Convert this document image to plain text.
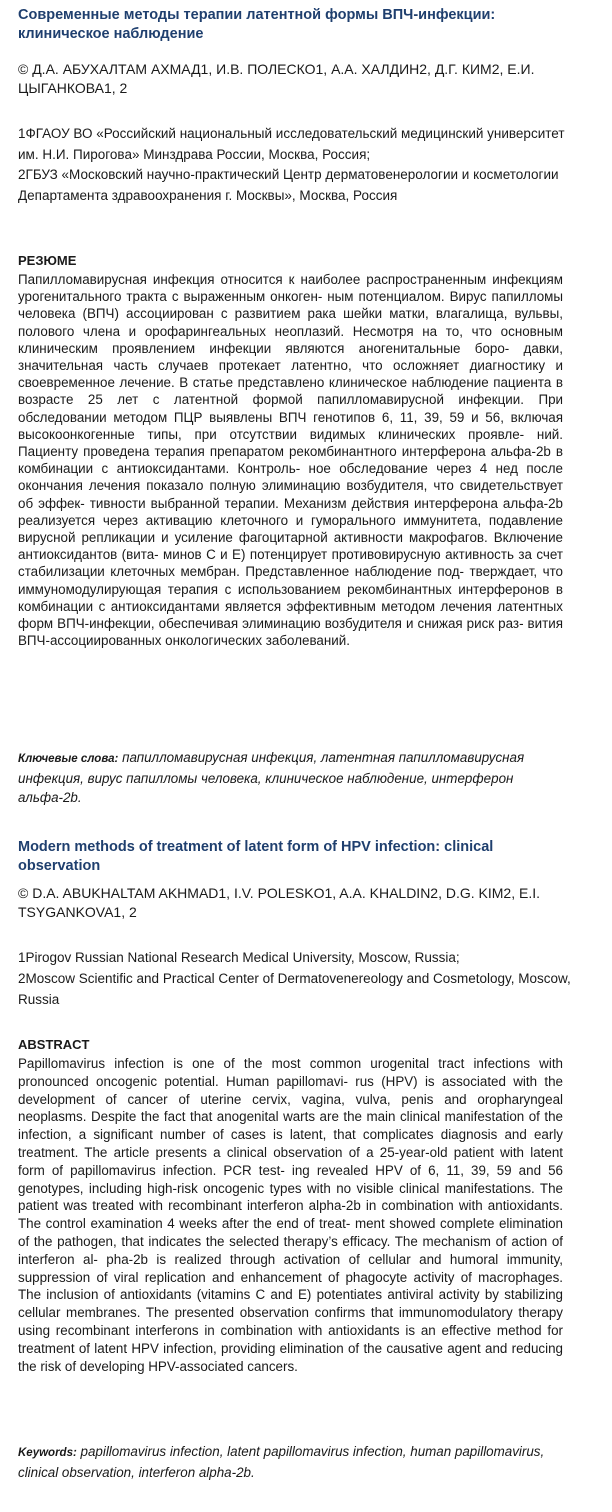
Современные методы терапии латентной формы ВПЧ-инфекции: клиническое наблюдение
© Д.А. АБУХАЛТАМ АХМАД1, И.В. ПОЛЕСКО1, А.А. ХАЛДИН2, Д.Г. КИМ2, Е.И. ЦЫГАНКОВА1, 2
1ФГАОУ ВО «Российский национальный исследовательский медицинский университет им. Н.И. Пирогова» Минздрава России, Москва, Россия;
2ГБУЗ «Московский научно-практический Центр дерматовенерологии и косметологии Департамента здравоохранения г. Москвы», Москва, Россия
РЕЗЮМЕ

Папилломавирусная инфекция относится к наиболее распространенным инфекциям урогенитального тракта с выраженным онкоген- ным потенциалом. Вирус папилломы человека (ВПЧ) ассоциирован с развитием рака шейки матки, влагалища, вульвы, полового члена и орофарингеальных неоплазий. Несмотря на то, что основным клиническим проявлением инфекции являются аногенитальные боро- давки, значительная часть случаев протекает латентно, что осложняет диагностику и своевременное лечение. В статье представлено клиническое наблюдение пациента в возрасте 25 лет с латентной формой папилломавирусной инфекции. При обследовании методом ПЦР выявлены ВПЧ генотипов 6, 11, 39, 59 и 56, включая высокоонкогенные типы, при отсутствии видимых клинических проявле- ний. Пациенту проведена терапия препаратом рекомбинантного интерферона альфа-2b в комбинации с антиоксидантами. Контроль- ное обследование через 4 нед после окончания лечения показало полную элиминацию возбудителя, что свидетельствует об эффек- тивности выбранной терапии. Механизм действия интерферона альфа-2b реализуется через активацию клеточного и гуморального иммунитета, подавление вирусной репликации и усиление фагоцитарной активности макрофагов. Включение антиоксидантов (вита- минов С и Е) потенцирует противовирусную активность за счет стабилизации клеточных мембран. Представленное наблюдение под- тверждает, что иммуномодулирующая терапия с использованием рекомбинантных интерферонов в комбинации с антиоксидантами является эффективным методом лечения латентных форм ВПЧ-инфекции, обеспечивая элиминацию возбудителя и снижая риск раз- вития ВПЧ-ассоциированных онкологических заболеваний.

Ключевые слова: папилломавирусная инфекция, латентная папилломавирусная инфекция, вирус папилломы человека, клиническое наблюдение, интерферон альфа-2b.
Modern methods of treatment of latent form of HPV infection: clinical observation
© D.A. ABUKHALTAM AKHMAD1, I.V. POLESKO1, A.A. KHALDIN2, D.G. KIM2, E.I. TSYGANKOVA1, 2
1Pirogov Russian National Research Medical University, Moscow, Russia;
2Moscow Scientific and Practical Center of Dermatovenereology and Cosmetology, Moscow, Russia
ABSTRACT

Papillomavirus infection is one of the most common urogenital tract infections with pronounced oncogenic potential. Human papillomavi- rus (HPV) is associated with the development of cancer of uterine cervix, vagina, vulva, penis and oropharyngeal neoplasms. Despite the fact that anogenital warts are the main clinical manifestation of the infection, a significant number of cases is latent, that complicates diagnosis and early treatment. The article presents a clinical observation of a 25-year-old patient with latent form of papillomavirus infection. PCR test- ing revealed HPV of 6, 11, 39, 59 and 56 genotypes, including high-risk oncogenic types with no visible clinical manifestations. The patient was treated with recombinant interferon alpha-2b in combination with antioxidants. The control examination 4 weeks after the end of treat- ment showed complete elimination of the pathogen, that indicates the selected therapy’s efficacy. The mechanism of action of interferon al- pha-2b is realized through activation of cellular and humoral immunity, suppression of viral replication and enhancement of phagocyte activity of macrophages. The inclusion of antioxidants (vitamins C and E) potentiates antiviral activity by stabilizing cellular membranes. The presented observation confirms that immunomodulatory therapy using recombinant interferons in combination with antioxidants is an effective method for treatment of latent HPV infection, providing elimination of the causative agent and reducing the risk of developing HPV-associated cancers.

Keywords: papillomavirus infection, latent papillomavirus infection, human papillomavirus, clinical observation, interferon alpha-2b.
